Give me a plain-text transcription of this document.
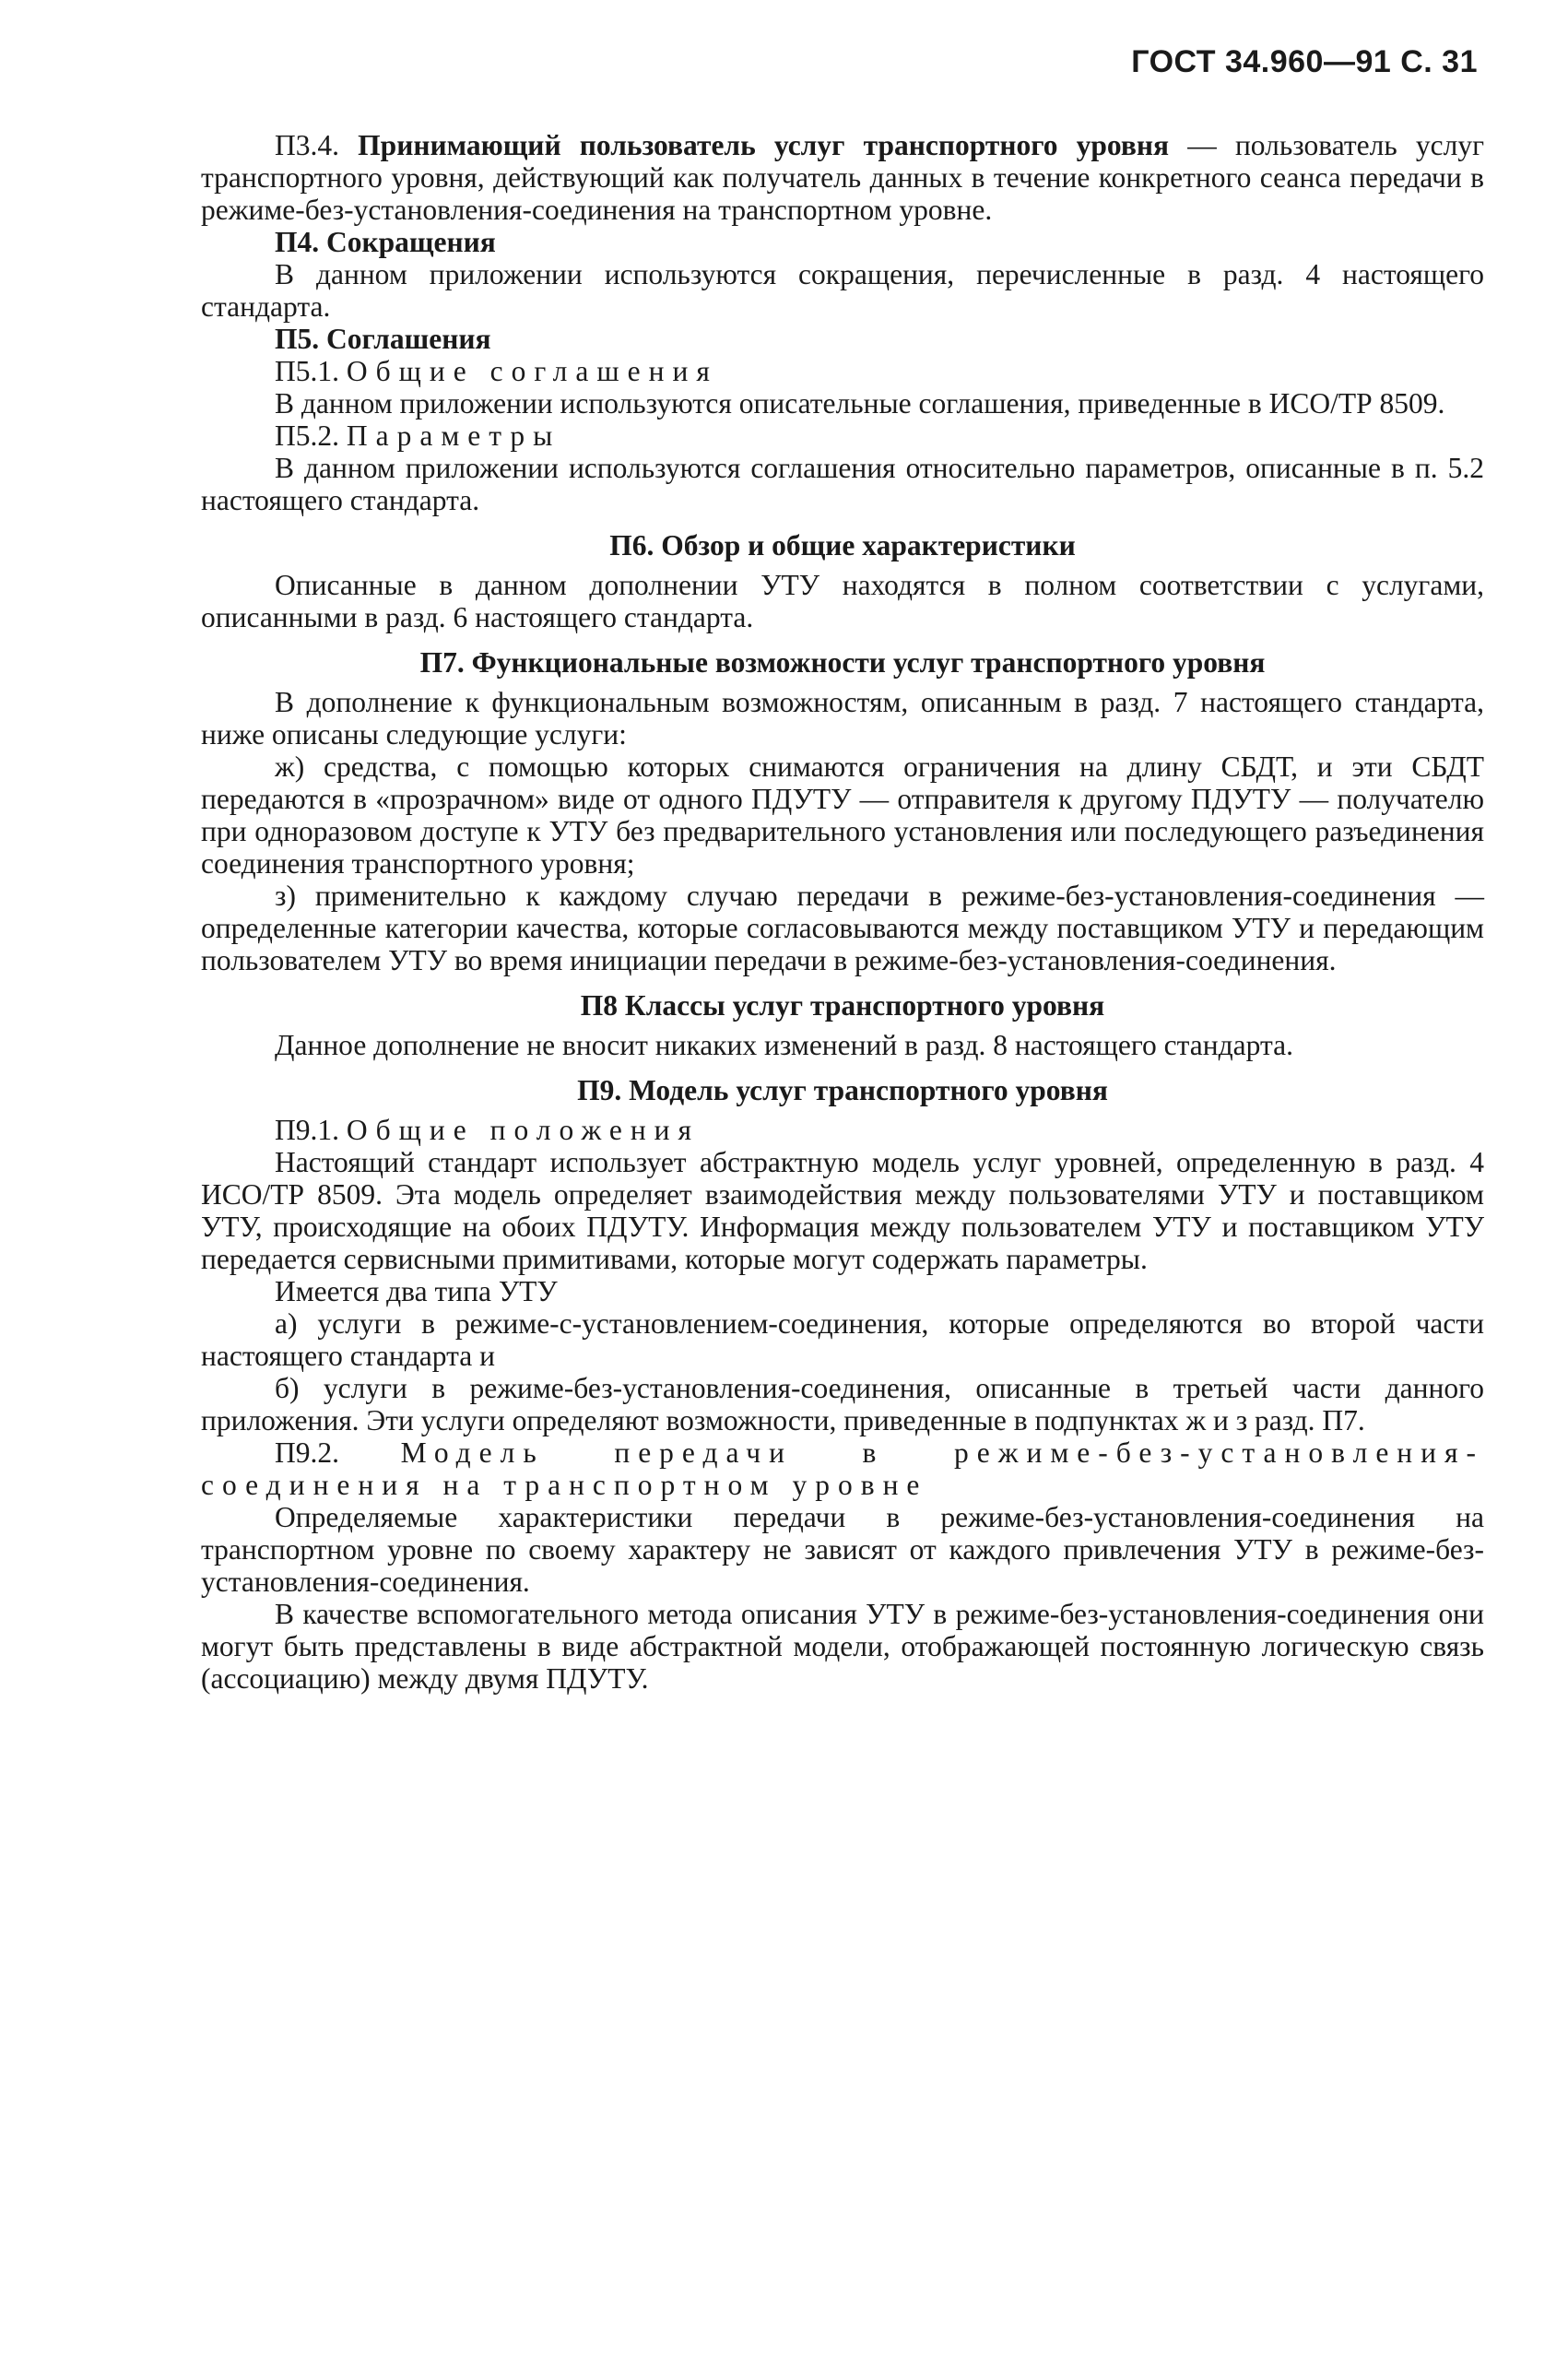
ГОСТ 34.960—91 С. 31

П3.4. Принимающий пользователь услуг транспортного уровня — пользователь услуг транспортного уровня, действующий как получатель данных в течение конкретного сеанса передачи в режиме-без-установления-соединения на транспортном уровне.

П4. Сокращения

В данном приложении используются сокращения, перечисленные в разд. 4 настоящего стандарта.

П5. Соглашения

П5.1. Общие соглашения

В данном приложении используются описательные соглашения, приведенные в ИСО/ТР 8509.

П5.2. Параметры

В данном приложении используются соглашения относительно параметров, описанные в п. 5.2 настоящего стандарта.

П6. Обзор и общие характеристики

Описанные в данном дополнении УТУ находятся в полном соответствии с услугами, описанными в разд. 6 настоящего стандарта.

П7. Функциональные возможности услуг транспортного уровня

В дополнение к функциональным возможностям, описанным в разд. 7 настоящего стандарта, ниже описаны следующие услуги:

ж) средства, с помощью которых снимаются ограничения на длину СБДТ, и эти СБДТ передаются в «прозрачном» виде от одного ПДУТУ — отправителя к другому ПДУТУ — получателю при одноразовом доступе к УТУ без предварительного установления или последующего разъединения соединения транспортного уровня;

з) применительно к каждому случаю передачи в режиме-без-установления-соединения — определенные категории качества, которые согласовываются между поставщиком УТУ и передающим пользователем УТУ во время инициации передачи в режиме-без-установления-соединения.

П8 Классы услуг транспортного уровня

Данное дополнение не вносит никаких изменений в разд. 8 настоящего стандарта.

П9. Модель услуг транспортного уровня

П9.1. Общие положения

Настоящий стандарт использует абстрактную модель услуг уровней, определенную в разд. 4 ИСО/ТР 8509. Эта модель определяет взаимодействия между пользователями УТУ и поставщиком УТУ, происходящие на обоих ПДУТУ. Информация между пользователем УТУ и поставщиком УТУ передается сервисными примитивами, которые могут содержать параметры.

Имеется два типа УТУ

а) услуги в режиме-с-установлением-соединения, которые определяются во второй части настоящего стандарта и

б) услуги в режиме-без-установления-соединения, описанные в третьей части данного приложения. Эти услуги определяют возможности, приведенные в подпунктах ж и з разд. П7.

П9.2. Модель передачи в режиме-без-установления-соединения на транспортном уровне

Определяемые характеристики передачи в режиме-без-установления-соединения на транспортном уровне по своему характеру не зависят от каждого привлечения УТУ в режиме-без-установления-соединения.

В качестве вспомогательного метода описания УТУ в режиме-без-установления-соединения они могут быть представлены в виде абстрактной модели, отображающей постоянную логическую связь (ассоциацию) между двумя ПДУТУ.
